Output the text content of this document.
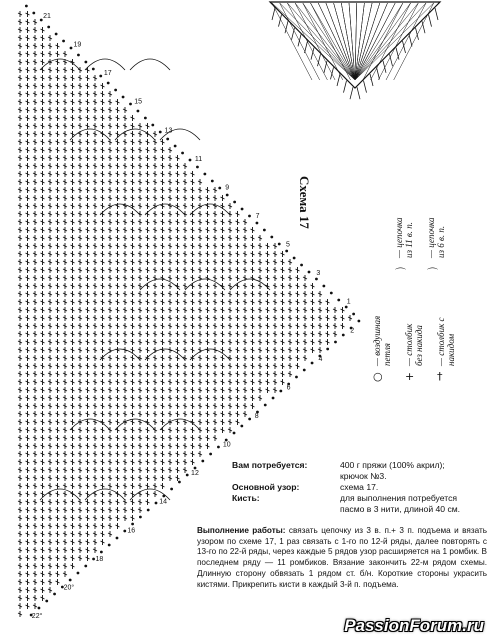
21
19
17
15
13
11
9
7
5
3
1
2
4
6
8
10
12
14
16
18
20°
22°
Схема 17
○
— воздушная петля
+
— столбик без накида
†
— столбик с накидом
⌒
— цепочка из 11 в. п.
⌒
— цепочка из 6 в. п.
Вам потребуется:	400 г пряжи (100% акрил);
крючок №3.
Основной узор:	схема 17.
Кисть:	для выполнения потребуется
пасмо в 3 нити, длиной 40 см.
Выполнение работы: связать цепочку из 3 в. п.+ 3 п. подъема и вязать узором по схеме 17, 1 раз связать с 1-го по 12-й ряды, далее повторять с 13-го по 22-й ряды, через каждые 5 рядов узор расширяется на 1 ромбик. В последнем ряду — 11 ромбиков. Вязание закончить 22-м рядом схемы. Длинную сторону обвязать 1 рядом ст. б/н. Короткие стороны украсить кистями. Прикрепить кисти в каждый 3-й п. подъема.
PassionForum.ru
